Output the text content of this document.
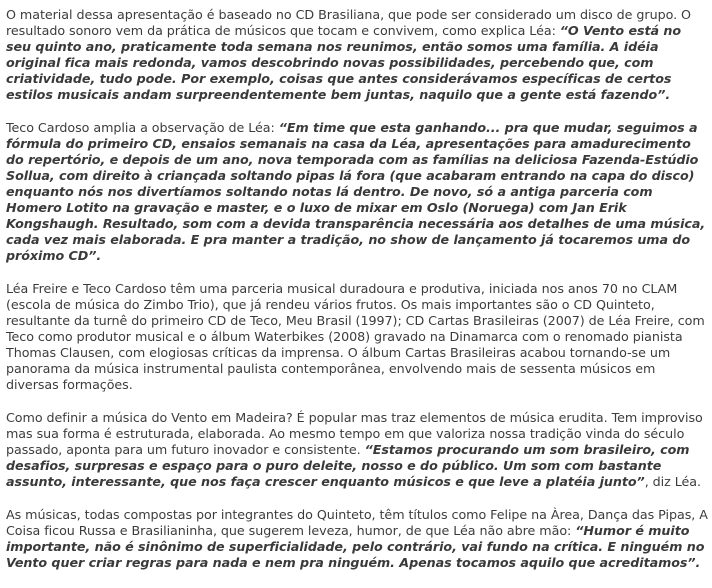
O material dessa apresentação é baseado no CD Brasiliana, que pode ser considerado um disco de grupo. O resultado sonoro vem da prática de músicos que tocam e convivem, como explica Léa: “O Vento está no seu quinto ano, praticamente toda semana nos reunimos, então somos uma família. A idéia original fica mais redonda, vamos descobrindo novas possibilidades, percebendo que, com criatividade, tudo pode. Por exemplo, coisas que antes considerávamos específicas de certos estilos musicais andam surpreendentemente bem juntas, naquilo que a gente está fazendo”.

Teco Cardoso amplia a observação de Léa: “Em time que esta ganhando... pra que mudar, seguimos a fórmula do primeiro CD, ensaios semanais na casa da Léa, apresentações para amadurecimento do repertório, e depois de um ano, nova temporada com as famílias na deliciosa Fazenda-Estúdio Sollua, com direito à criançada soltando pipas lá fora (que acabaram entrando na capa do disco) enquanto nós nos divertíamos soltando notas lá dentro. De novo, só a antiga parceria com Homero Lotito na gravação e master, e o luxo de mixar em Oslo (Noruega) com Jan Erik Kongshaugh. Resultado, som com a devida transparência necessária aos detalhes de uma música, cada vez mais elaborada. E pra manter a tradição, no show de lançamento já tocaremos uma do próximo CD”.

Léa Freire e Teco Cardoso têm uma parceria musical duradoura e produtiva, iniciada nos anos 70 no CLAM (escola de música do Zimbo Trio), que já rendeu vários frutos. Os mais importantes são o CD Quinteto, resultante da turnê do primeiro CD de Teco, Meu Brasil (1997); CD Cartas Brasileiras (2007) de Léa Freire, com Teco como produtor musical e o álbum Waterbikes (2008) gravado na Dinamarca com o renomado pianista Thomas Clausen, com elogiosas críticas da imprensa. O álbum Cartas Brasileiras acabou tornando-se um panorama da música instrumental paulista contemporânea, envolvendo mais de sessenta músicos em diversas formações.

Como definir a música do Vento em Madeira? É popular mas traz elementos de música erudita. Tem improviso mas sua forma é estruturada, elaborada. Ao mesmo tempo em que valoriza nossa tradição vinda do século passado, aponta para um futuro inovador e consistente. “Estamos procurando um som brasileiro, com desafios, surpresas e espaço para o puro deleite, nosso e do público. Um som com bastante assunto, interessante, que nos faça crescer enquanto músicos e que leve a platéia junto”, diz Léa.

As músicas, todas compostas por integrantes do Quinteto, têm títulos como Felipe na Àrea, Dança das Pipas, A Coisa ficou Russa e Brasilianinha, que sugerem leveza, humor, de que Léa não abre mão: “Humor é muito importante, não é sinônimo de superficialidade, pelo contrário, vai fundo na crítica. E ninguém no Vento quer criar regras para nada e nem pra ninguém. Apenas tocamos aquilo que acreditamos”.
